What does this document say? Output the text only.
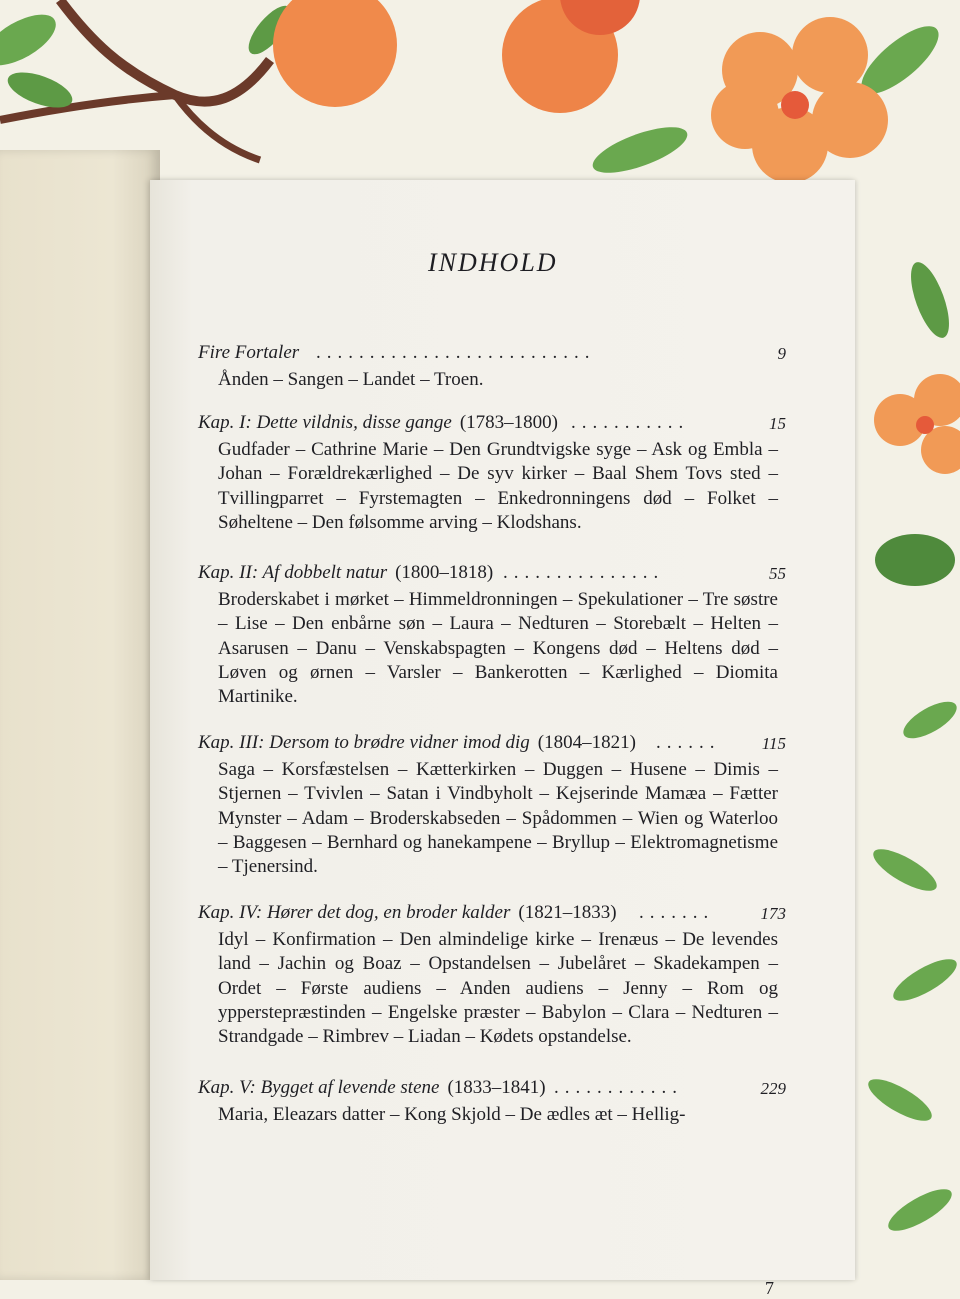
INDHOLD
Fire Fortaler ..........................	9
Ånden – Sangen – Landet – Troen.
Kap. I: Dette vildnis, disse gange (1783–1800) ...........	15
Gudfader – Cathrine Marie – Den Grundtvigske syge – Ask og Embla – Johan – Forældrekærlighed – De syv kirker – Baal Shem Tovs sted – Tvillingparret – Fyrstemagten – Enkedronningens død – Folket – Søheltene – Den følsomme arving – Klodshans.
Kap. II: Af dobbelt natur (1800–1818) ...............	55
Broderskabet i mørket – Himmeldronningen – Spekulationer – Tre søstre – Lise – Den enbårne søn – Laura – Nedturen – Storebælt – Helten – Asarusen – Danu – Venskabspagten – Kongens død – Heltens død – Løven og ørnen – Varsler – Bankerotten – Kærlighed – Diomita Martinike.
Kap. III: Dersom to brødre vidner imod dig (1804–1821) ...... 115
Saga – Korsfæstelsen – Kætterkirken – Duggen – Husene – Dimis – Stjernen – Tvivlen – Satan i Vindbyholt – Kejserinde Mamæa – Fætter Mynster – Adam – Broderskabseden – Spådommen – Wien og Waterloo – Baggesen – Bernhard og hanekampene – Bryllup – Elektromagnetisme – Tjenersind.
Kap. IV: Hører det dog, en broder kalder (1821–1833) .......	173
Idyl – Konfirmation – Den almindelige kirke – Irenæus – De levendes land – Jachin og Boaz – Opstandelsen – Jubelåret – Skadekampen – Ordet – Første audiens – Anden audiens – Jenny – Rom og ypperstepræstinden – Engelske præster – Babylon – Clara – Nedturen – Strandgade – Rimbrev – Liadan – Kødets opstandelse.
Kap. V: Bygget af levende stene (1833–1841) ............	229
Maria, Eleazars datter – Kong Skjold – De ædles æt – Hellig-
7
